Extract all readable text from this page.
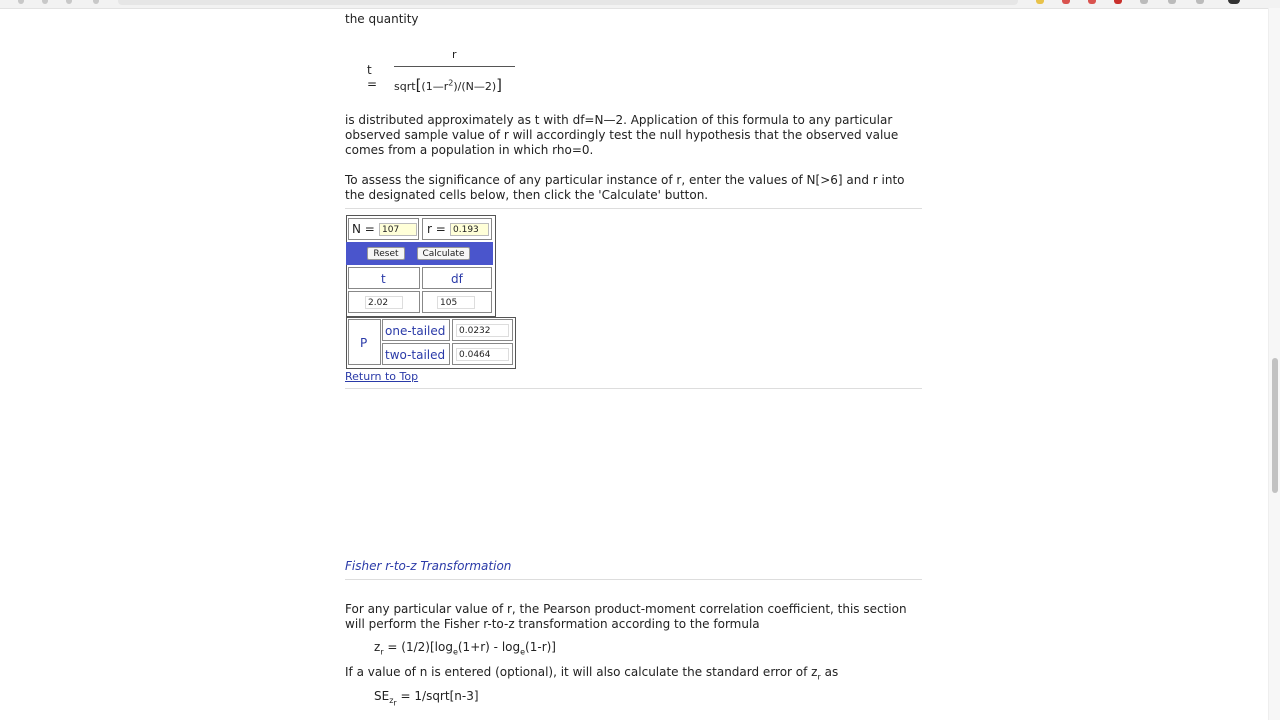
the quantity
t =
r
$sqrt[(1—r^2)/(N—2)]$
is distributed approximately as t with df=N—2. Application of this formula to any particular observed sample value of r will accordingly test the null hypothesis that the observed value comes from a population in which rho=0.
To assess the significance of any particular instance of r, enter the values of N[>6] and r into the designated cells below, then click the 'Calculate' button.
N = 107	r = 0.193
Reset	Calculate
t	df
2.02	105
P
one-tailed	0.0232
two-tailed	0.0464
Return to Top
Fisher r-to-z Transformation
For any particular value of r, the Pearson product-moment correlation coefficient, this section will perform the Fisher r-to-z transformation according to the formula
$z_r = (1/2)[\log_e(1+r) - \log_e(1-r)]$
If a value of n is entered (optional), it will also calculate the standard error of $z_r$ as
$SE_{z_r}$ = 1/sqrt[n-3]
